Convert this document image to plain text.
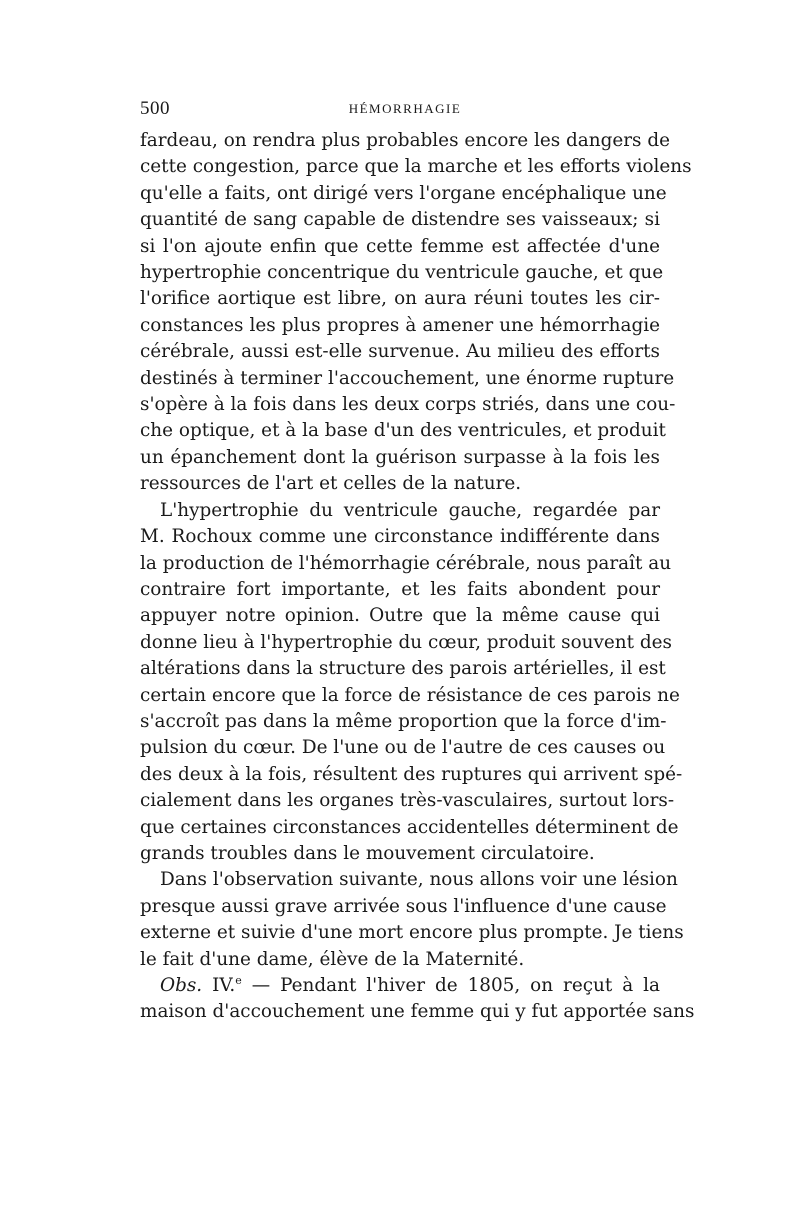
500	HÉMORRHAGIE

fardeau, on rendra plus probables encore les dangers de
cette congestion, parce que la marche et les efforts violens
qu'elle a faits, ont dirigé vers l'organe encéphalique une
quantité de sang capable de distendre ses vaisseaux; si
si l'on ajoute enfin que cette femme est affectée d'une
hypertrophie concentrique du ventricule gauche, et que
l'orifice aortique est libre, on aura réuni toutes les cir-
constances les plus propres à amener une hémorrhagie
cérébrale, aussi est-elle survenue. Au milieu des efforts
destinés à terminer l'accouchement, une énorme rupture
s'opère à la fois dans les deux corps striés, dans une cou-
che optique, et à la base d'un des ventricules, et produit
un épanchement dont la guérison surpasse à la fois les
ressources de l'art et celles de la nature.

L'hypertrophie du ventricule gauche, regardée par
M. Rochoux comme une circonstance indifférente dans
la production de l'hémorrhagie cérébrale, nous paraît au
contraire fort importante, et les faits abondent pour
appuyer notre opinion. Outre que la même cause qui
donne lieu à l'hypertrophie du cœur, produit souvent des
altérations dans la structure des parois artérielles, il est
certain encore que la force de résistance de ces parois ne
s'accroît pas dans la même proportion que la force d'im-
pulsion du cœur. De l'une ou de l'autre de ces causes ou
des deux à la fois, résultent des ruptures qui arrivent spé-
cialement dans les organes très-vasculaires, surtout lors-
que certaines circonstances accidentelles déterminent de
grands troubles dans le mouvement circulatoire.

Dans l'observation suivante, nous allons voir une lésion
presque aussi grave arrivée sous l'influence d'une cause
externe et suivie d'une mort encore plus prompte. Je tiens
le fait d'une dame, élève de la Maternité.

Obs. IV.$^e$ — Pendant l'hiver de 1805, on reçut à la
maison d'accouchement une femme qui y fut apportée sans
